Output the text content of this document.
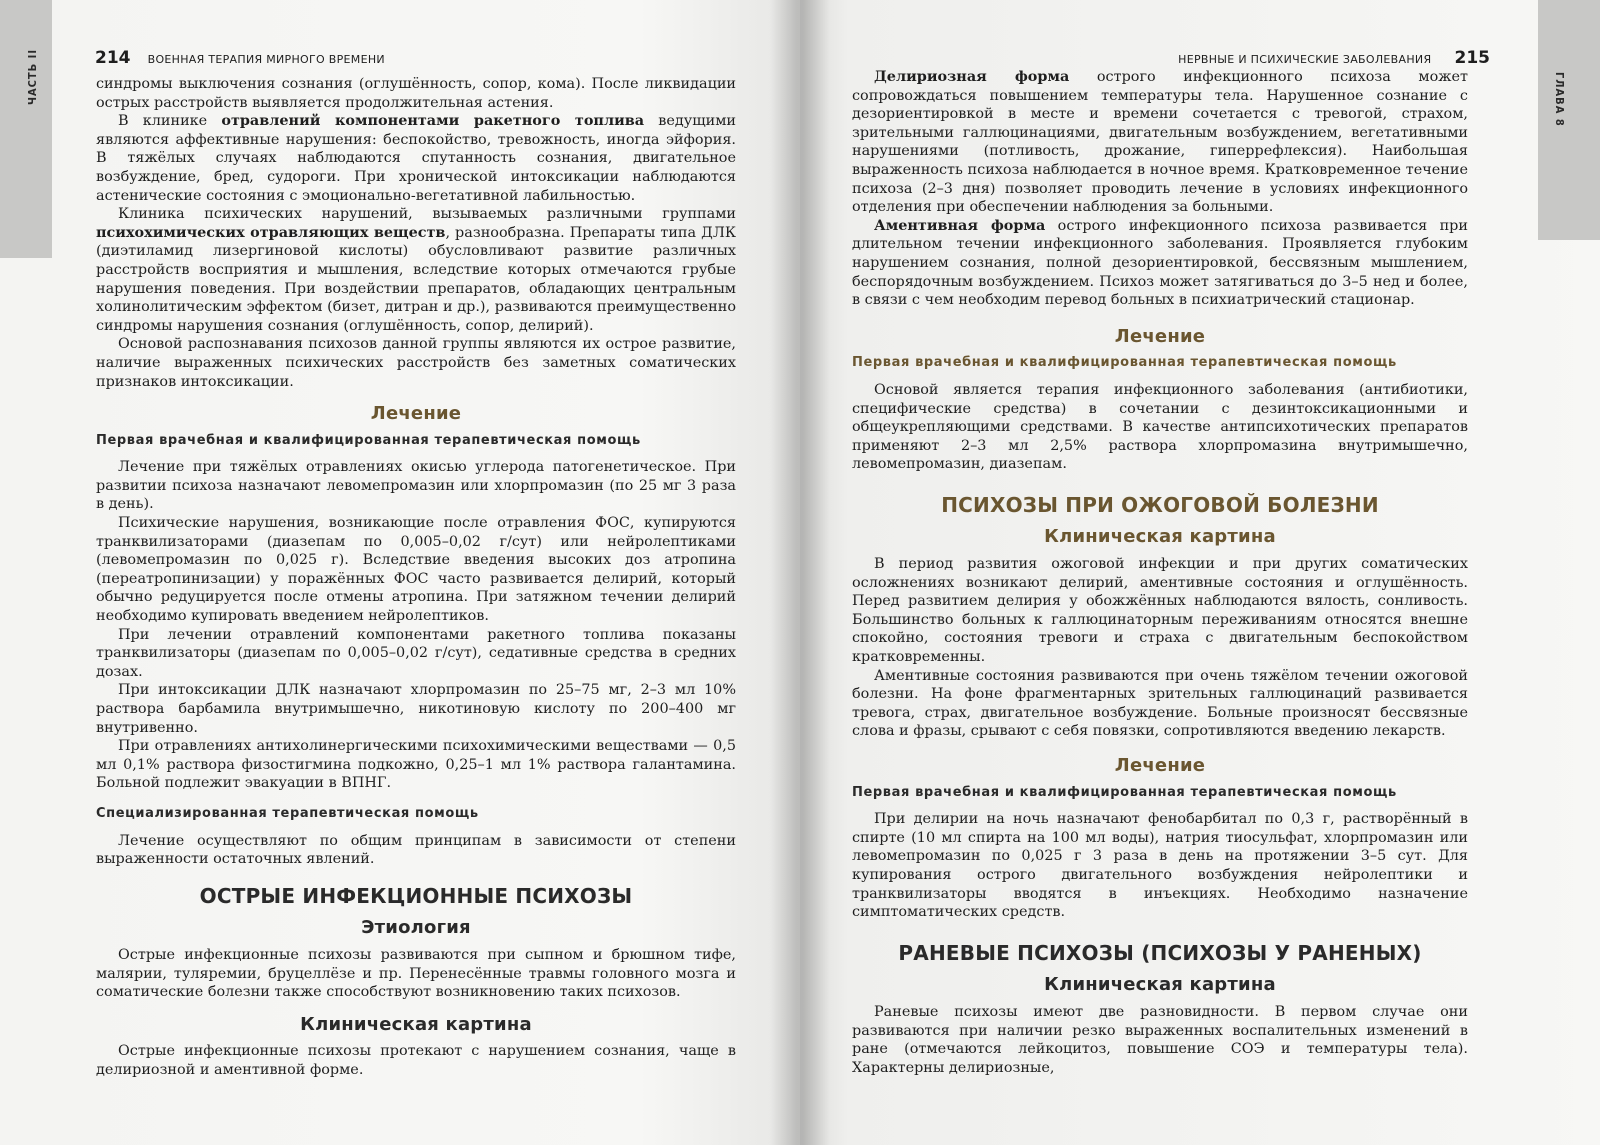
ЧАСТЬ II	214 ВОЕННАЯ ТЕРАПИЯ МИРНОГО ВРЕМЕНИ

синдромы выключения сознания (оглушённость, сопор, кома). После ликвидации острых расстройств выявляется продолжительная астения.

В клинике отравлений компонентами ракетного топлива ведущими являются аффективные нарушения: беспокойство, тревожность, иногда эйфория. В тяжёлых случаях наблюдаются спутанность сознания, двигательное возбуждение, бред, судороги. При хронической интоксикации наблюдаются астенические состояния с эмоционально-вегетативной лабильностью.

Клиника психических нарушений, вызываемых различными группами психохимических отравляющих веществ, разнообразна. Препараты типа ДЛК (диэтиламид лизергиновой кислоты) обусловливают развитие различных расстройств восприятия и мышления, вследствие которых отмечаются грубые нарушения поведения. При воздействии препаратов, обладающих центральным холинолитическим эффектом (бизет, дитран и др.), развиваются преимущественно синдромы нарушения сознания (оглушённость, сопор, делирий).

Основой распознавания психозов данной группы являются их острое развитие, наличие выраженных психических расстройств без заметных соматических признаков интоксикации.

Лечение
Первая врачебная и квалифицированная терапевтическая помощь

Лечение при тяжёлых отравлениях окисью углерода патогенетическое. При развитии психоза назначают левомепромазин или хлорпромазин (по 25 мг 3 раза в день).

Психические нарушения, возникающие после отравления ФОС, купируются транквилизаторами (диазепам по 0,005–0,02 г/сут) или нейролептиками (левомепромазин по 0,025 г). Вследствие введения высоких доз атропина (переатропинизации) у поражённых ФОС часто развивается делирий, который обычно редуцируется после отмены атропина. При затяжном течении делирий необходимо купировать введением нейролептиков.

При лечении отравлений компонентами ракетного топлива показаны транквилизаторы (диазепам по 0,005–0,02 г/сут), седативные средства в средних дозах.

При интоксикации ДЛК назначают хлорпромазин по 25–75 мг, 2–3 мл 10% раствора барбамила внутримышечно, никотиновую кислоту по 200–400 мг внутривенно.

При отравлениях антихолинергическими психохимическими веществами — 0,5 мл 0,1% раствора физостигмина подкожно, 0,25–1 мл 1% раствора галантамина. Больной подлежит эвакуации в ВПНГ.

Специализированная терапевтическая помощь

Лечение осуществляют по общим принципам в зависимости от степени выраженности остаточных явлений.

ОСТРЫЕ ИНФЕКЦИОННЫЕ ПСИХОЗЫ
Этиология

Острые инфекционные психозы развиваются при сыпном и брюшном тифе, малярии, туляремии, бруцеллёзе и пр. Перенесённые травмы головного мозга и соматические болезни также способствуют возникновению таких психозов.

Клиническая картина

Острые инфекционные психозы протекают с нарушением сознания, чаще в делириозной и аментивной форме.

ГЛАВА 8
НЕРВНЫЕ И ПСИХИЧЕСКИЕ ЗАБОЛЕВАНИЯ 215

Делириозная форма острого инфекционного психоза может сопровождаться повышением температуры тела. Нарушенное сознание с дезориентировкой в месте и времени сочетается с тревогой, страхом, зрительными галлюцинациями, двигательным возбуждением, вегетативными нарушениями (потливость, дрожание, гиперрефлексия). Наибольшая выраженность психоза наблюдается в ночное время. Кратковременное течение психоза (2–3 дня) позволяет проводить лечение в условиях инфекционного отделения при обеспечении наблюдения за больными.

Аментивная форма острого инфекционного психоза развивается при длительном течении инфекционного заболевания. Проявляется глубоким нарушением сознания, полной дезориентировкой, бессвязным мышлением, беспорядочным возбуждением. Психоз может затягиваться до 3–5 нед и более, в связи с чем необходим перевод больных в психиатрический стационар.

Лечение
Первая врачебная и квалифицированная терапевтическая помощь

Основой является терапия инфекционного заболевания (антибиотики, специфические средства) в сочетании с дезинтоксикационными и общеукрепляющими средствами. В качестве антипсихотических препаратов применяют 2–3 мл 2,5% раствора хлорпромазина внутримышечно, левомепромазин, диазепам.

ПСИХОЗЫ ПРИ ОЖОГОВОЙ БОЛЕЗНИ
Клиническая картина

В период развития ожоговой инфекции и при других соматических осложнениях возникают делирий, аментивные состояния и оглушённость. Перед развитием делирия у обожжённых наблюдаются вялость, сонливость. Большинство больных к галлюцинаторным переживаниям относятся внешне спокойно, состояния тревоги и страха с двигательным беспокойством кратковременны.

Аментивные состояния развиваются при очень тяжёлом течении ожоговой болезни. На фоне фрагментарных зрительных галлюцинаций развивается тревога, страх, двигательное возбуждение. Больные произносят бессвязные слова и фразы, срывают с себя повязки, сопротивляются введению лекарств.

Лечение
Первая врачебная и квалифицированная терапевтическая помощь

При делирии на ночь назначают фенобарбитал по 0,3 г, растворённый в спирте (10 мл спирта на 100 мл воды), натрия тиосульфат, хлорпромазин или левомепромазин по 0,025 г 3 раза в день на протяжении 3–5 сут. Для купирования острого двигательного возбуждения нейролептики и транквилизаторы вводятся в инъекциях. Необходимо назначение симптоматических средств.

РАНЕВЫЕ ПСИХОЗЫ (ПСИХОЗЫ У РАНЕНЫХ)
Клиническая картина

Раневые психозы имеют две разновидности. В первом случае они развиваются при наличии резко выраженных воспалительных изменений в ране (отмечаются лейкоцитоз, повышение СОЭ и температуры тела). Характерны делириозные,
